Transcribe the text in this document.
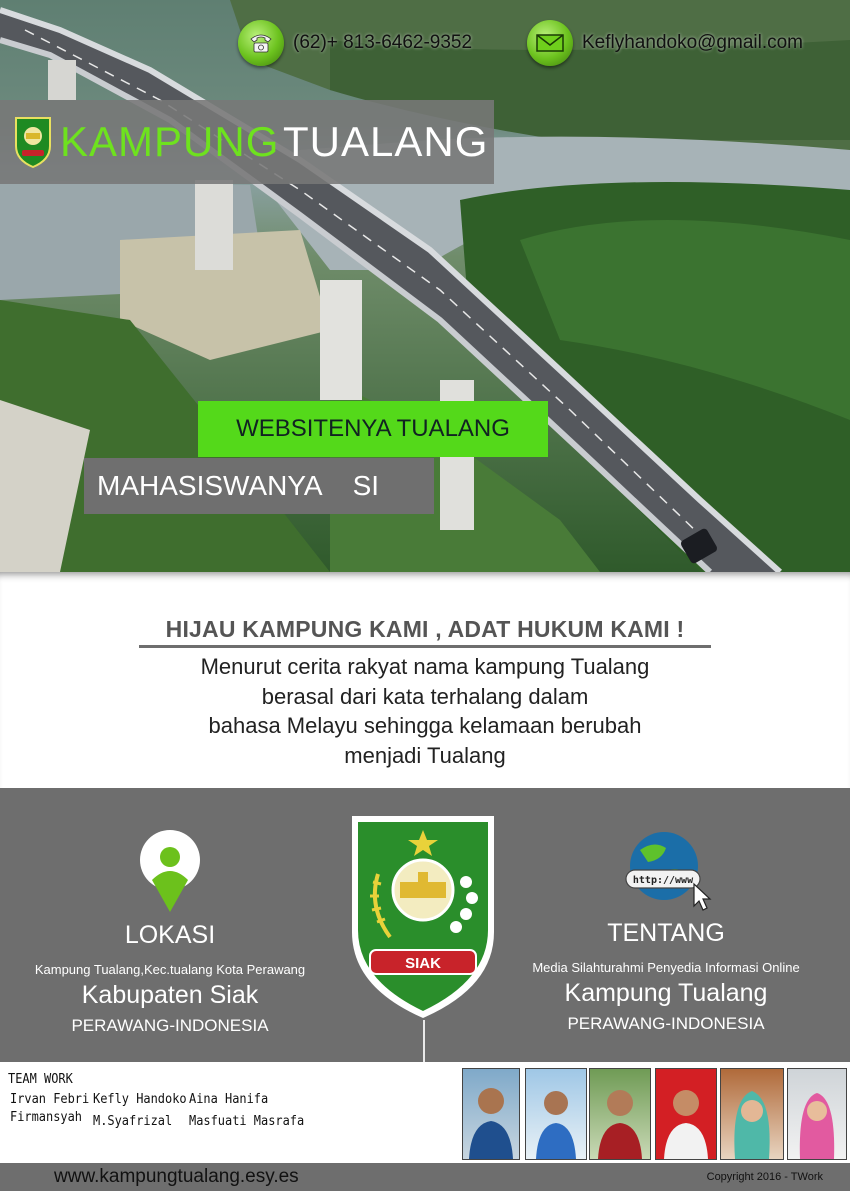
(62)+ 813-6462-9352	Keflyhandoko@gmail.com
KAMPUNG TUALANG
WEBSITENYA TUALANG
MAHASISWANYA SI
HIJAU KAMPUNG KAMI , ADAT HUKUM KAMI !
Menurut cerita rakyat nama kampung Tualang
berasal dari kata terhalang dalam
bahasa Melayu sehingga kelamaan berubah
menjadi Tualang
LOKASI
Kampung Tualang,Kec.tualang Kota Perawang
Kabupaten Siak
PERAWANG-INDONESIA
SIAK
http://www
TENTANG
Media Silahturahmi Penyedia Informasi Online
Kampung Tualang
PERAWANG-INDONESIA
TEAM WORK
Irvan Febri
Firmansyah
Kefly Handoko
M.Syafrizal
Aina Hanifa
Masfuati Masrafa
www.kampungtualang.esy.es	Copyright 2016 - TWork
